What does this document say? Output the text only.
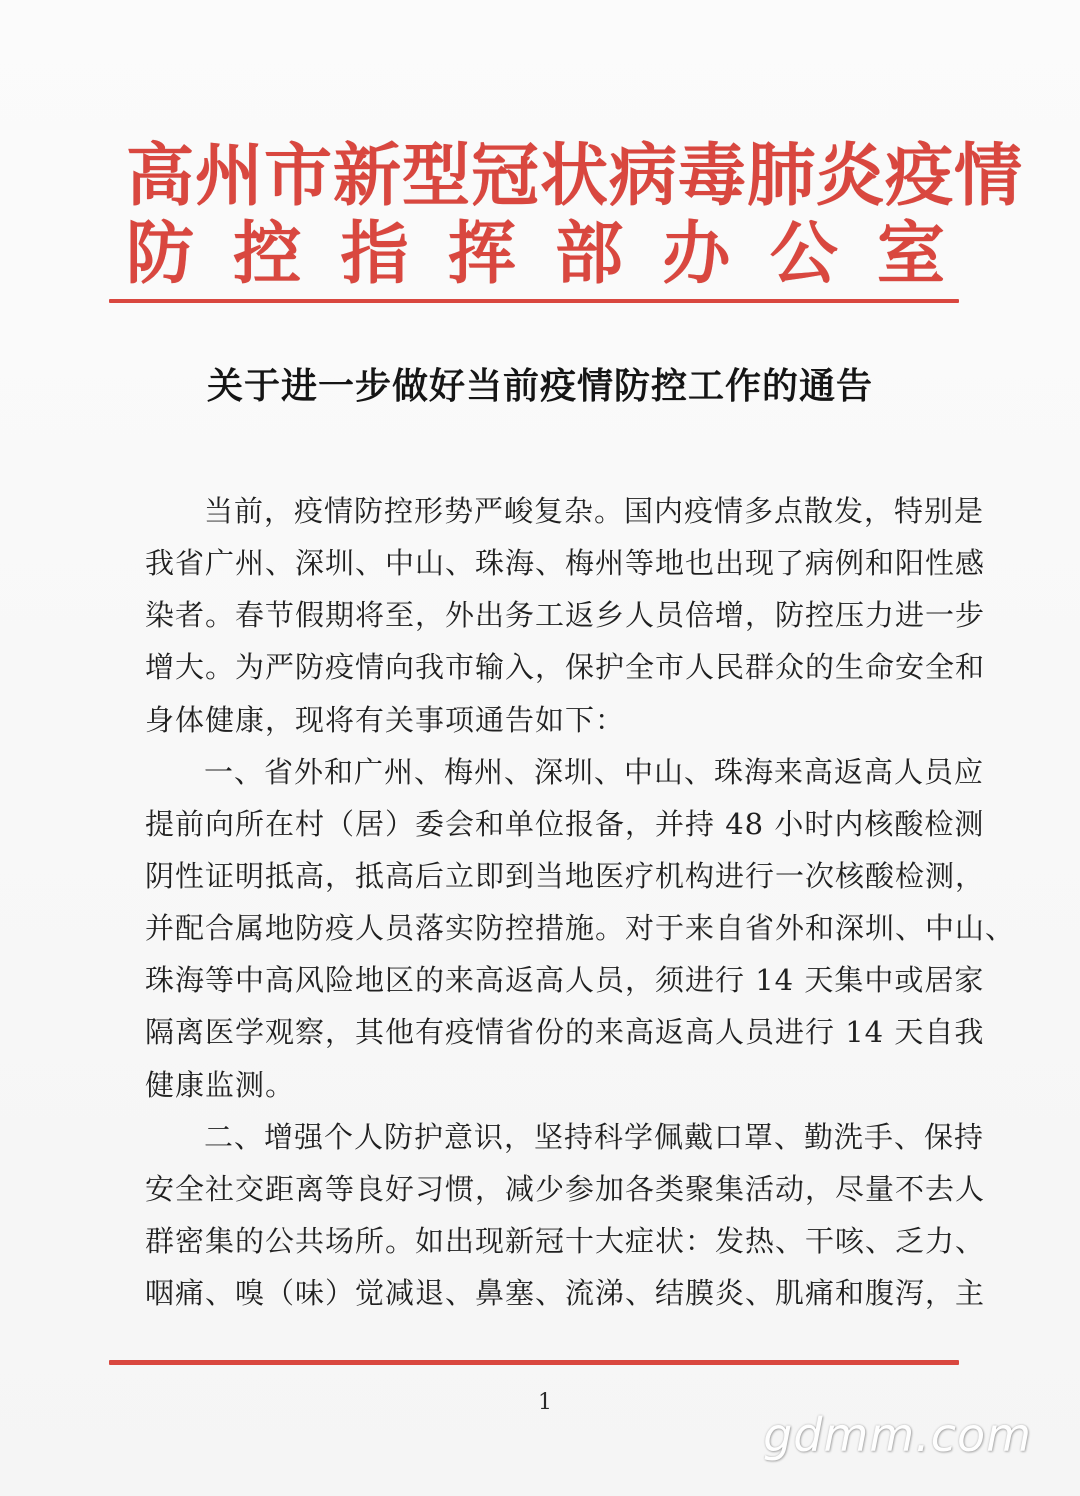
高州市新型冠状病毒肺炎疫情
防控指挥部办公室
关于进一步做好当前疫情防控工作的通告
当前，疫情防控形势严峻复杂。国内疫情多点散发，特别是
我省广州、深圳、中山、珠海、梅州等地也出现了病例和阳性感
染者。春节假期将至，外出务工返乡人员倍增，防控压力进一步
增大。为严防疫情向我市输入，保护全市人民群众的生命安全和
身体健康，现将有关事项通告如下：
一、省外和广州、梅州、深圳、中山、珠海来高返高人员应
提前向所在村（居）委会和单位报备，并持 48 小时内核酸检测
阴性证明抵高，抵高后立即到当地医疗机构进行一次核酸检测，
并配合属地防疫人员落实防控措施。对于来自省外和深圳、中山、
珠海等中高风险地区的来高返高人员，须进行 14 天集中或居家
隔离医学观察，其他有疫情省份的来高返高人员进行 14 天自我
健康监测。
二、增强个人防护意识，坚持科学佩戴口罩、勤洗手、保持
安全社交距离等良好习惯，减少参加各类聚集活动，尽量不去人
群密集的公共场所。如出现新冠十大症状：发热、干咳、乏力、
咽痛、嗅（味）觉减退、鼻塞、流涕、结膜炎、肌痛和腹泻，主
1
gdmm.com
